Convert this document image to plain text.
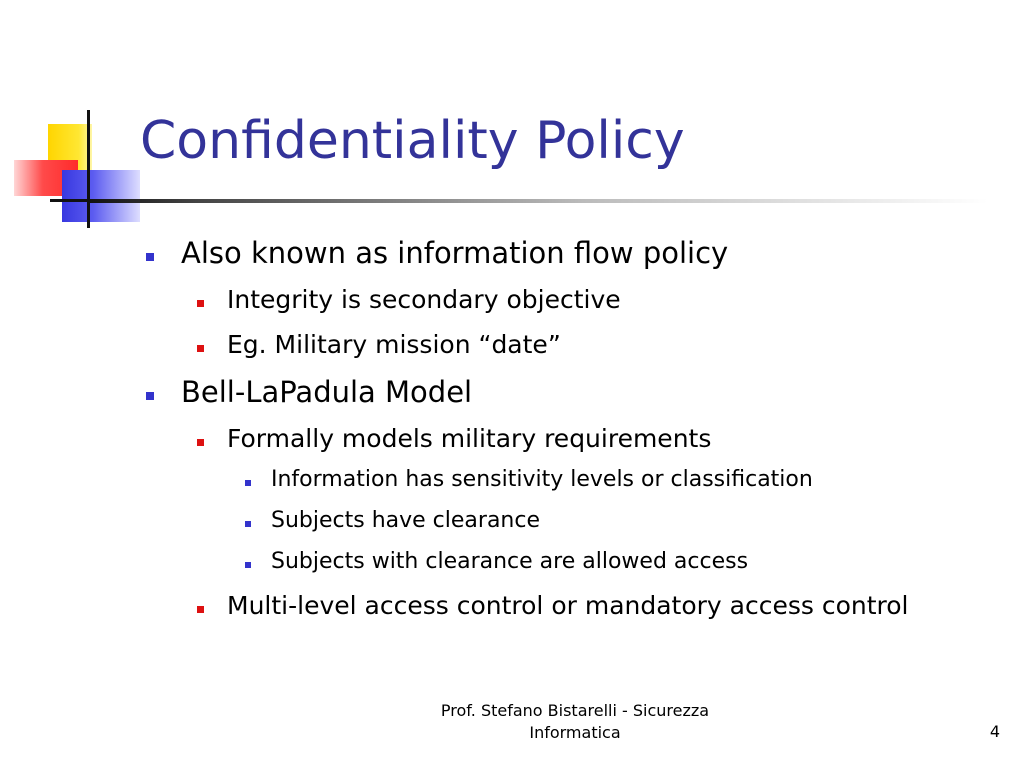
Confidentiality Policy
Also known as information flow policy
Integrity is secondary objective
Eg. Military mission “date”
Bell-LaPadula Model
Formally models military requirements
Information has sensitivity levels or classification
Subjects have clearance
Subjects with clearance are allowed access
Multi-level access control or mandatory access control
Prof. Stefano Bistarelli - Sicurezza
Informatica	4
